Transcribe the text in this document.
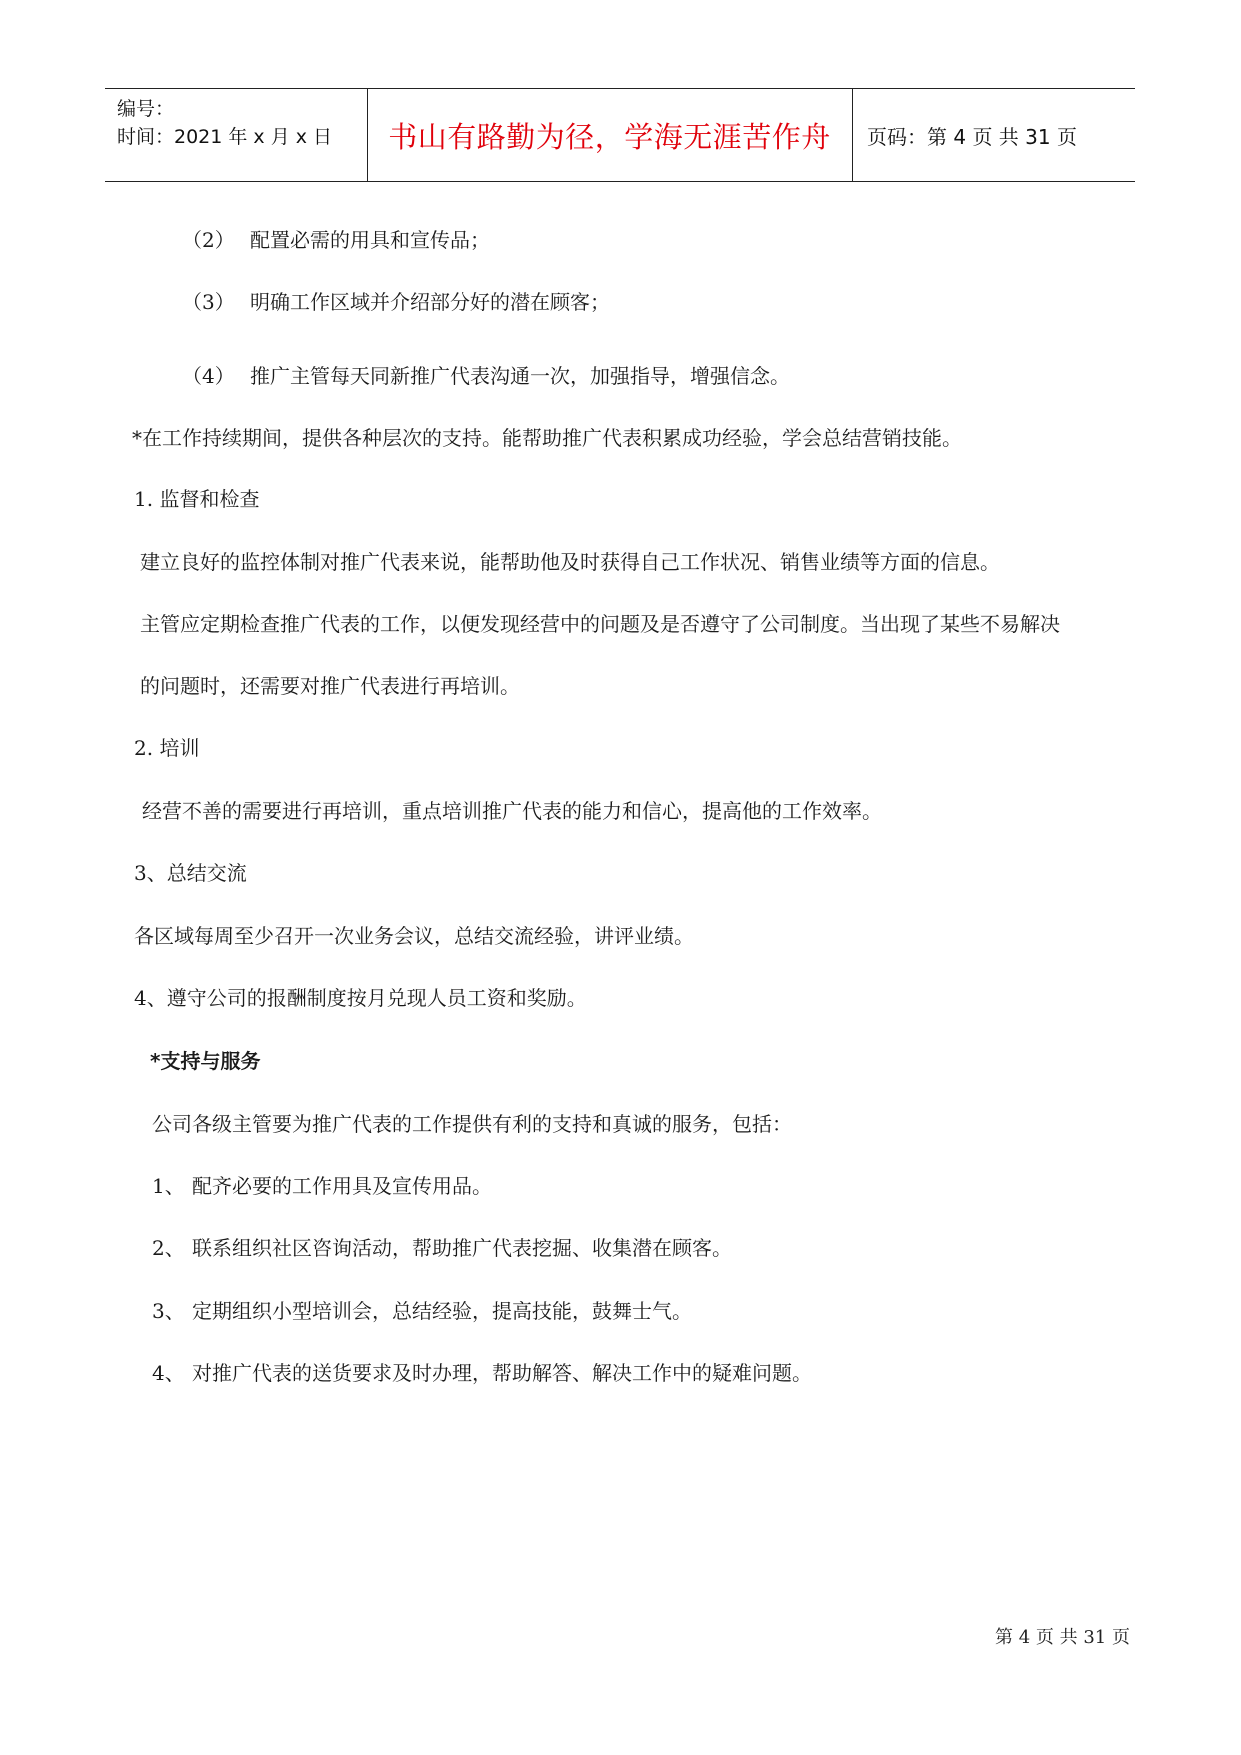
编号：
时间：2021 年 x 月 x 日	书山有路勤为径，学海无涯苦作舟	页码：第 4 页 共 31 页
（2） 配置必需的用具和宣传品；
（3） 明确工作区域并介绍部分好的潜在顾客；
（4） 推广主管每天同新推广代表沟通一次，加强指导，增强信念。
*在工作持续期间，提供各种层次的支持。能帮助推广代表积累成功经验，学会总结营销技能。
1. 监督和检查
建立良好的监控体制对推广代表来说，能帮助他及时获得自己工作状况、销售业绩等方面的信息。
主管应定期检查推广代表的工作，以便发现经营中的问题及是否遵守了公司制度。当出现了某些不易解决
的问题时，还需要对推广代表进行再培训。
2. 培训
经营不善的需要进行再培训，重点培训推广代表的能力和信心，提高他的工作效率。
3、总结交流
各区域每周至少召开一次业务会议，总结交流经验，讲评业绩。
4、遵守公司的报酬制度按月兑现人员工资和奖励。
*支持与服务
公司各级主管要为推广代表的工作提供有利的支持和真诚的服务，包括：
1、 配齐必要的工作用具及宣传用品。
2、 联系组织社区咨询活动，帮助推广代表挖掘、收集潜在顾客。
3、 定期组织小型培训会，总结经验，提高技能，鼓舞士气。
4、 对推广代表的送货要求及时办理，帮助解答、解决工作中的疑难问题。
第 4 页 共 31 页
